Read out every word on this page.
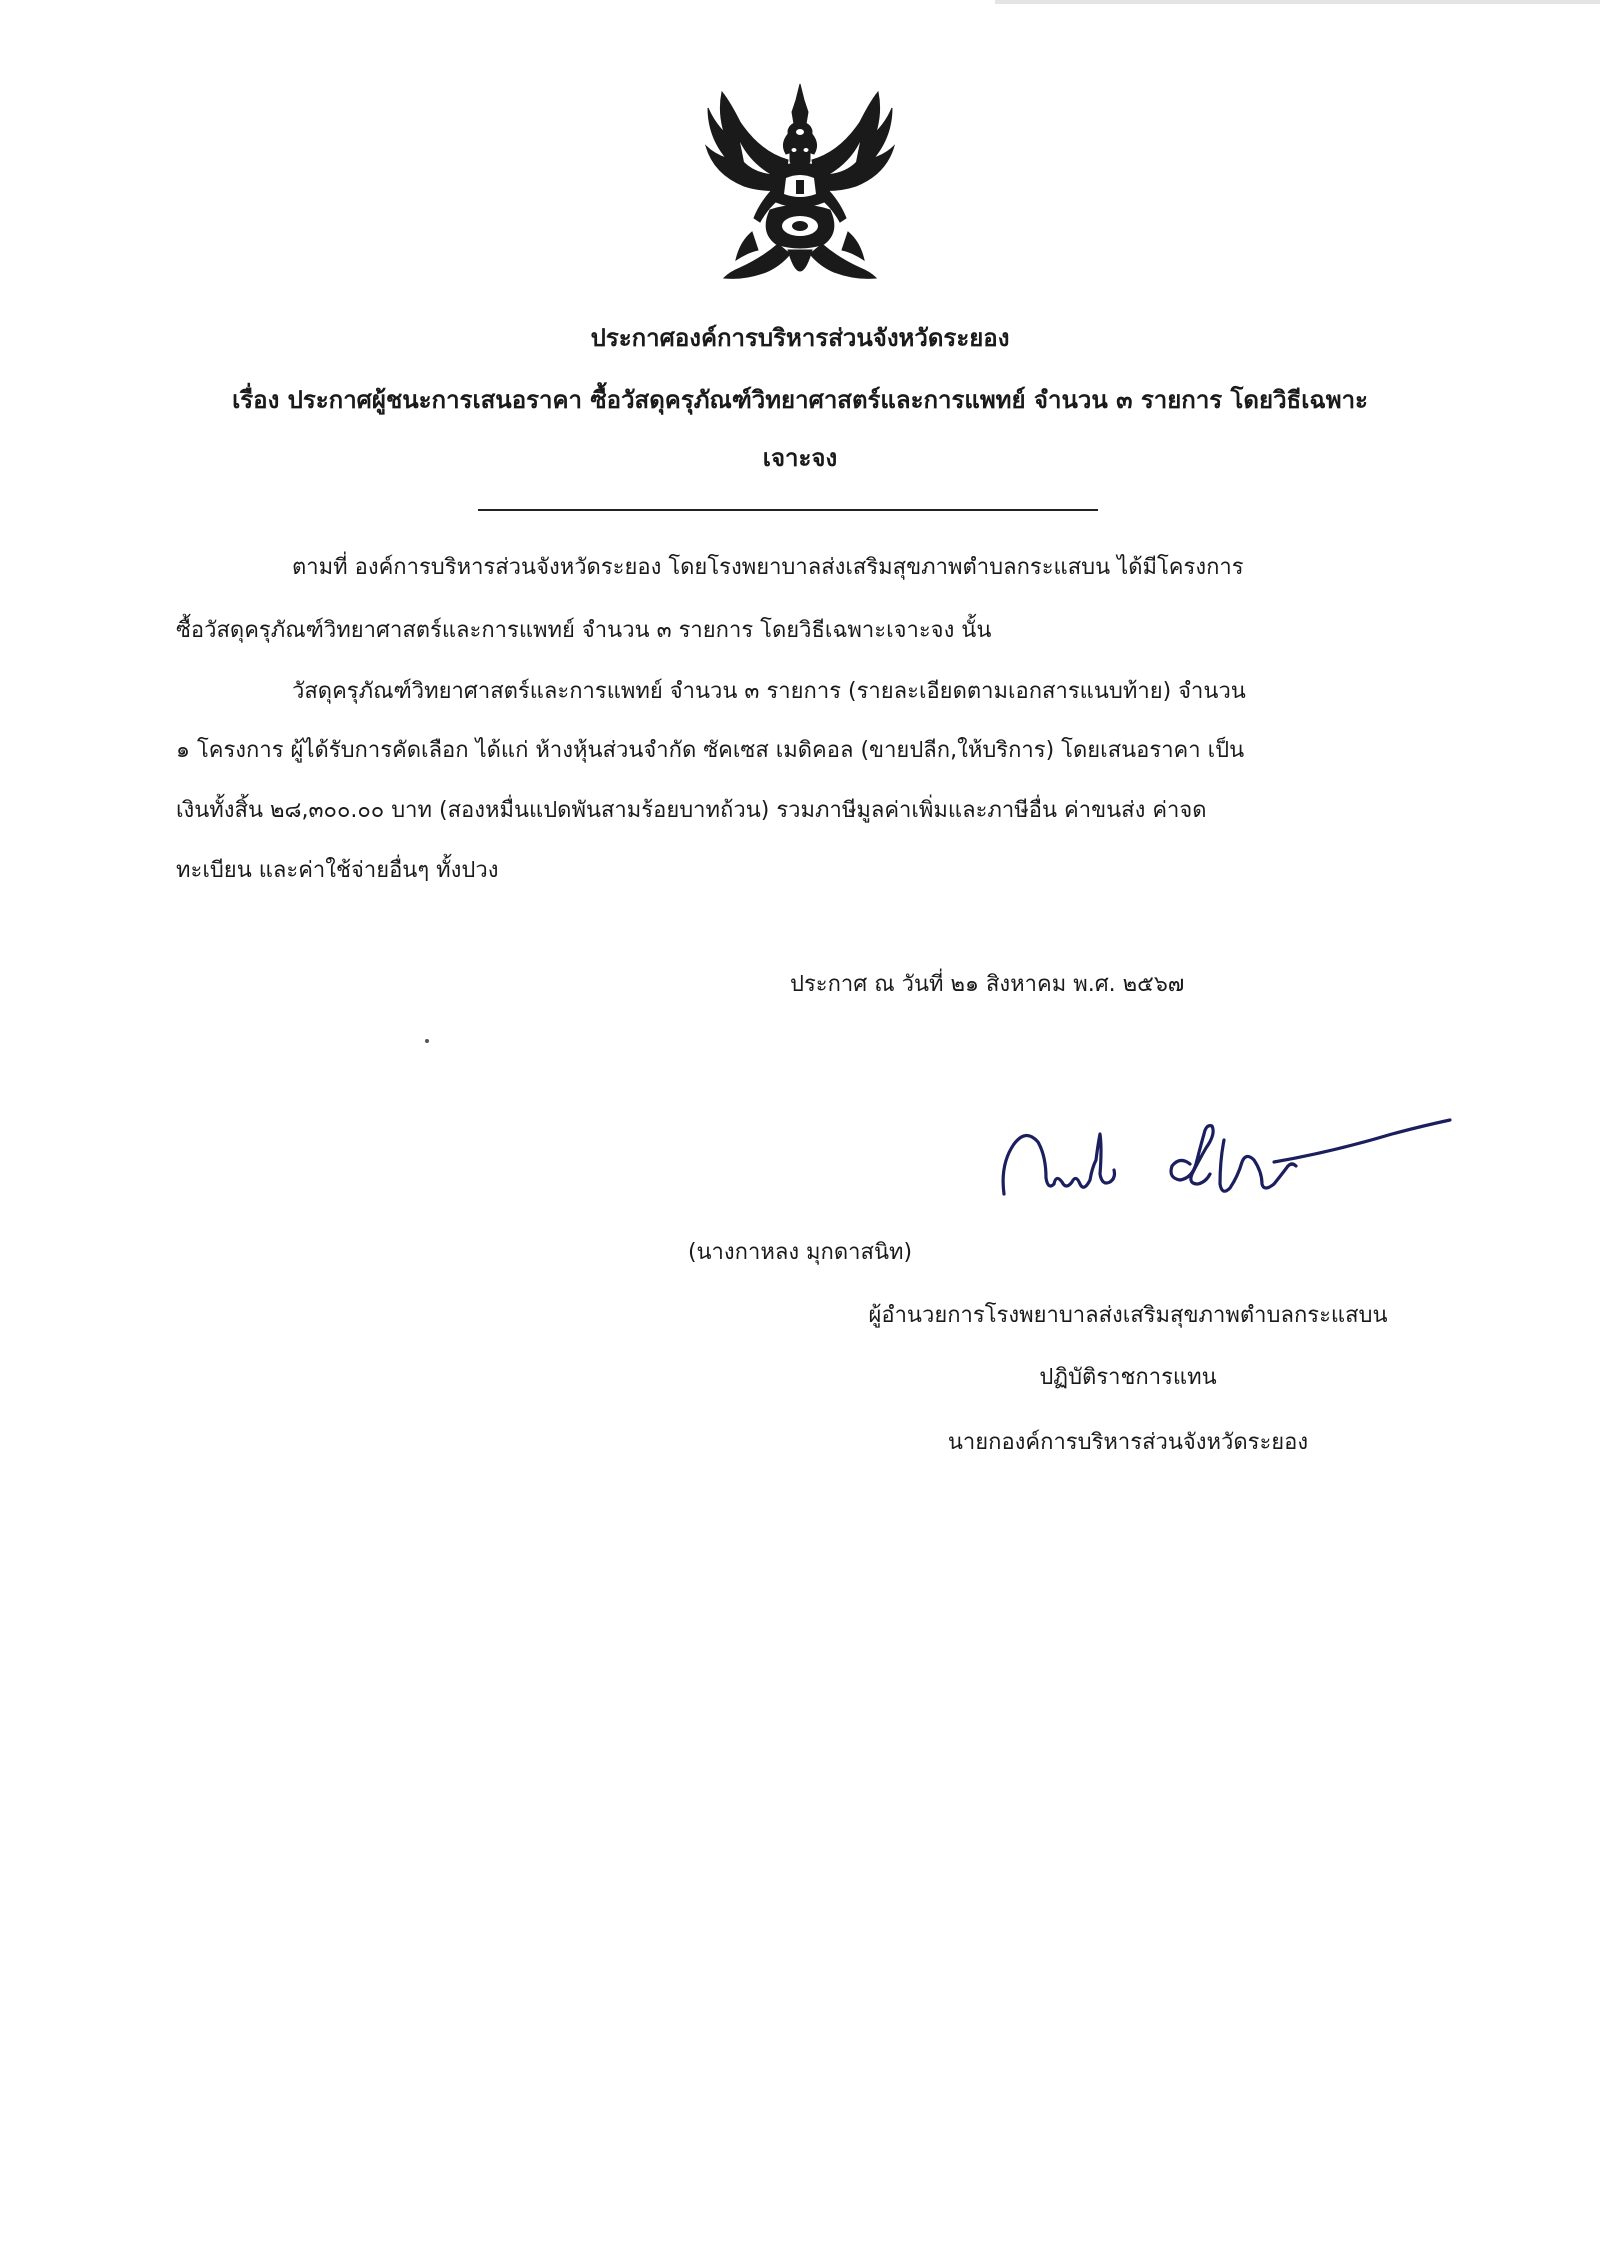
ประกาศองค์การบริหารส่วนจังหวัดระยอง
เรื่อง ประกาศผู้ชนะการเสนอราคา ซื้อวัสดุครุภัณฑ์วิทยาศาสตร์และการแพทย์ จำนวน ๓ รายการ โดยวิธีเฉพาะ
เจาะจง
ตามที่ องค์การบริหารส่วนจังหวัดระยอง โดยโรงพยาบาลส่งเสริมสุขภาพตำบลกระแสบน ได้มีโครงการ
ซื้อวัสดุครุภัณฑ์วิทยาศาสตร์และการแพทย์ จำนวน ๓ รายการ โดยวิธีเฉพาะเจาะจง นั้น
วัสดุครุภัณฑ์วิทยาศาสตร์และการแพทย์ จำนวน ๓ รายการ (รายละเอียดตามเอกสารแนบท้าย) จำนวน
๑ โครงการ ผู้ได้รับการคัดเลือก ได้แก่ ห้างหุ้นส่วนจำกัด ซัคเซส เมดิคอล (ขายปลีก,ให้บริการ) โดยเสนอราคา เป็น
เงินทั้งสิ้น ๒๘,๓๐๐.๐๐ บาท (สองหมื่นแปดพันสามร้อยบาทถ้วน) รวมภาษีมูลค่าเพิ่มและภาษีอื่น ค่าขนส่ง ค่าจด
ทะเบียน และค่าใช้จ่ายอื่นๆ ทั้งปวง
ประกาศ ณ วันที่ ๒๑ สิงหาคม พ.ศ. ๒๕๖๗
(นางกาหลง มุกดาสนิท)
ผู้อำนวยการโรงพยาบาลส่งเสริมสุขภาพตำบลกระแสบน
ปฏิบัติราชการแทน
นายกองค์การบริหารส่วนจังหวัดระยอง
